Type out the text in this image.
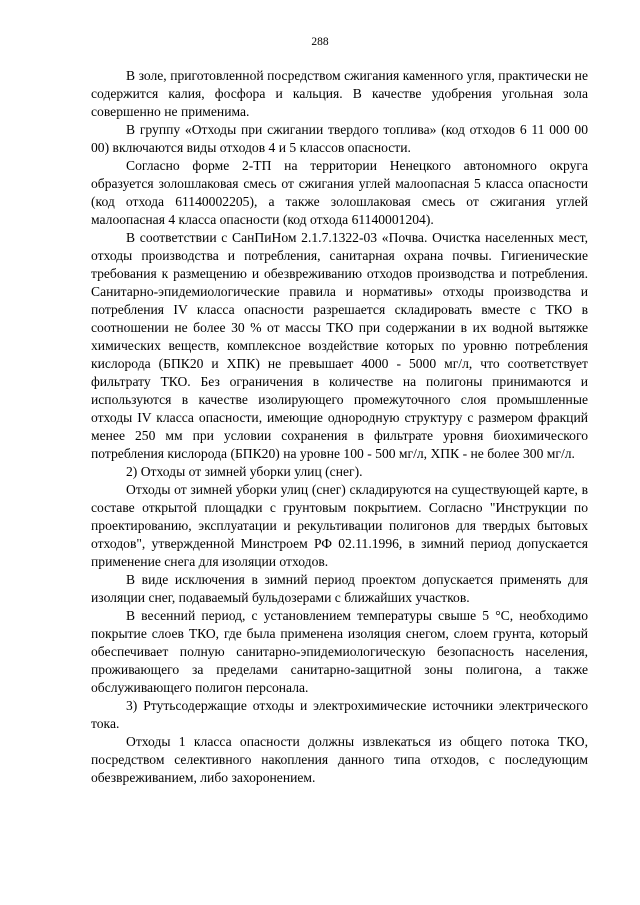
288

В золе, приготовленной посредством сжигания каменного угля, практически не содержится калия, фосфора и кальция. В качестве удобрения угольная зола совершенно не применима.

В группу «Отходы при сжигании твердого топлива» (код отходов 6 11 000 00 00) включаются виды отходов 4 и 5 классов опасности.

Согласно форме 2-ТП на территории Ненецкого автономного округа образуется золошлаковая смесь от сжигания углей малоопасная 5 класса опасности (код отхода 61140002205), а также золошлаковая смесь от сжигания углей малоопасная 4 класса опасности (код отхода 61140001204).

В соответствии с СанПиНом 2.1.7.1322-03 «Почва. Очистка населенных мест, отходы производства и потребления, санитарная охрана почвы. Гигиенические требования к размещению и обезвреживанию отходов производства и потребления. Санитарно-эпидемиологические правила и нормативы» отходы производства и потребления IV класса опасности разрешается складировать вместе с ТКО в соотношении не более 30 % от массы ТКО при содержании в их водной вытяжке химических веществ, комплексное воздействие которых по уровню потребления кислорода (БПК20 и ХПК) не превышает 4000 - 5000 мг/л, что соответствует фильтрату ТКО. Без ограничения в количестве на полигоны принимаются и используются в качестве изолирующего промежуточного слоя промышленные отходы IV класса опасности, имеющие однородную структуру с размером фракций менее 250 мм при условии сохранения в фильтрате уровня биохимического потребления кислорода (БПК20) на уровне 100 - 500 мг/л, ХПК - не более 300 мг/л.

2) Отходы от зимней уборки улиц (снег).

Отходы от зимней уборки улиц (снег) складируются на существующей карте, в составе открытой площадки с грунтовым покрытием. Согласно "Инструкции по проектированию, эксплуатации и рекультивации полигонов для твердых бытовых отходов", утвержденной Минстроем РФ 02.11.1996, в зимний период допускается применение снега для изоляции отходов.

В виде исключения в зимний период проектом допускается применять для изоляции снег, подаваемый бульдозерами с ближайших участков.

В весенний период, с установлением температуры свыше 5 °С, необходимо покрытие слоев ТКО, где была применена изоляция снегом, слоем грунта, который обеспечивает полную санитарно-эпидемиологическую безопасность населения, проживающего за пределами санитарно-защитной зоны полигона, а также обслуживающего полигон персонала.

3) Ртутьсодержащие отходы и электрохимические источники электрического тока.

Отходы 1 класса опасности должны извлекаться из общего потока ТКО, посредством селективного накопления данного типа отходов, с последующим обезвреживанием, либо захоронением.
